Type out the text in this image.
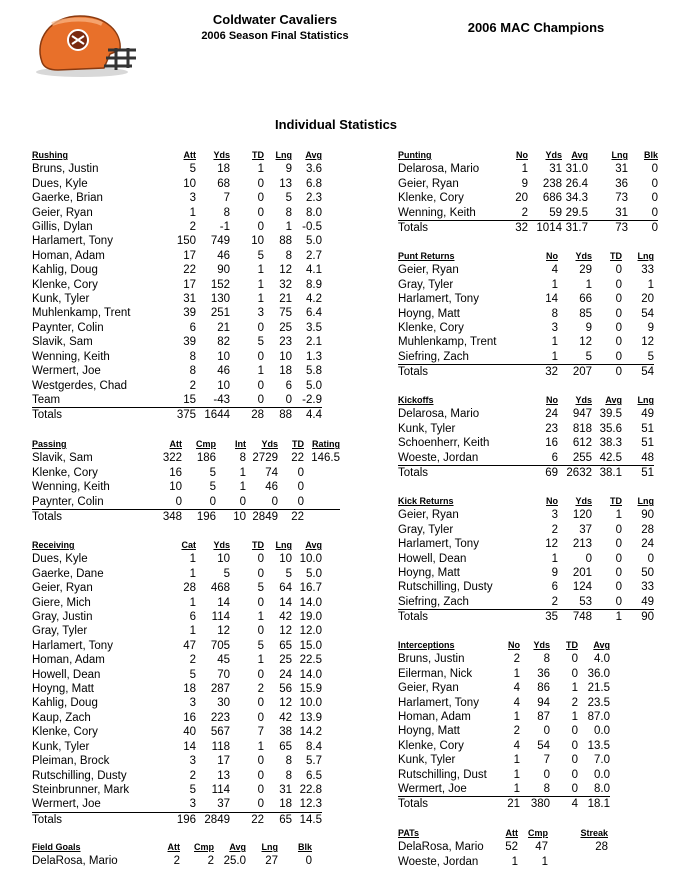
Coldwater Cavaliers
2006 Season Final Statistics
2006 MAC Champions
Individual Statistics
Rushing	Att	Yds	TD	Lng	Avg
Bruns, Justin	5	18	1	9	3.6
Dues, Kyle	10	68	0	13	6.8
Gaerke, Brian	3	7	0	5	2.3
Geier, Ryan	1	8	0	8	8.0
Gillis, Dylan	2	-1	0	1	-0.5
Harlamert, Tony	150	749	10	88	5.0
Homan, Adam	17	46	5	8	2.7
Kahlig, Doug	22	90	1	12	4.1
Klenke, Cory	17	152	1	32	8.9
Kunk, Tyler	31	130	1	21	4.2
Muhlenkamp, Trent	39	251	3	75	6.4
Paynter, Colin	6	21	0	25	3.5
Slavik, Sam	39	82	5	23	2.1
Wenning, Keith	8	10	0	10	1.3
Wermert, Joe	8	46	1	18	5.8
Westgerdes, Chad	2	10	0	6	5.0
Team	15	-43	0	0	-2.9
Totals	375	1644	28	88	4.4
Passing	Att	Cmp	Int	Yds	TD	Rating
Slavik, Sam	322	186	8	2729	22	146.5
Klenke, Cory	16	5	1	74	0	
Wenning, Keith	10	5	1	46	0	
Paynter, Colin	0	0	0	0	0	
Totals	348	196	10	2849	22	
Receiving	Cat	Yds	TD	Lng	Avg
Dues, Kyle	1	10	0	10	10.0
Gaerke, Dane	1	5	0	5	5.0
Geier, Ryan	28	468	5	64	16.7
Giere, Mich	1	14	0	14	14.0
Gray, Justin	6	114	1	42	19.0
Gray, Tyler	1	12	0	12	12.0
Harlamert, Tony	47	705	5	65	15.0
Homan, Adam	2	45	1	25	22.5
Howell, Dean	5	70	0	24	14.0
Hoyng, Matt	18	287	2	56	15.9
Kahlig, Doug	3	30	0	12	10.0
Kaup, Zach	16	223	0	42	13.9
Klenke, Cory	40	567	7	38	14.2
Kunk, Tyler	14	118	1	65	8.4
Pleiman, Brock	3	17	0	8	5.7
Rutschilling, Dusty	2	13	0	8	6.5
Steinbrunner, Mark	5	114	0	31	22.8
Wermert, Joe	3	37	0	18	12.3
Totals	196	2849	22	65	14.5
Field Goals	Att	Cmp	Avg	Lng	Blk
DelaRosa, Mario	2	2	25.0	27	0
Punting	No	Yds	Avg	Lng	Blk
Delarosa, Mario	1	31	31.0	31	0
Geier, Ryan	9	238	26.4	36	0
Klenke, Cory	20	686	34.3	73	0
Wenning, Keith	2	59	29.5	31	0
Totals	32	1014	31.7	73	0
Punt Returns	No	Yds	TD	Lng
Geier, Ryan	4	29	0	33
Gray, Tyler	1	1	0	1
Harlamert, Tony	14	66	0	20
Hoyng, Matt	8	85	0	54
Klenke, Cory	3	9	0	9
Muhlenkamp, Trent	1	12	0	12
Siefring, Zach	1	5	0	5
Totals	32	207	0	54
Kickoffs	No	Yds	Avg	Lng
Delarosa, Mario	24	947	39.5	49
Kunk, Tyler	23	818	35.6	51
Schoenherr, Keith	16	612	38.3	51
Woeste, Jordan	6	255	42.5	48
Totals	69	2632	38.1	51
Kick Returns	No	Yds	TD	Lng
Geier, Ryan	3	120	1	90
Gray, Tyler	2	37	0	28
Harlamert, Tony	12	213	0	24
Howell, Dean	1	0	0	0
Hoyng, Matt	9	201	0	50
Rutschilling, Dusty	6	124	0	33
Siefring, Zach	2	53	0	49
Totals	35	748	1	90
Interceptions	No	Yds	TD	Avg
Bruns, Justin	2	8	0	4.0
Eilerman, Nick	1	36	0	36.0
Geier, Ryan	4	86	1	21.5
Harlamert, Tony	4	94	2	23.5
Homan, Adam	1	87	1	87.0
Hoyng, Matt	2	0	0	0.0
Klenke, Cory	4	54	0	13.5
Kunk, Tyler	1	7	0	7.0
Rutschilling, Dust	1	0	0	0.0
Wermert, Joe	1	8	0	8.0
Totals	21	380	4	18.1
PATs	Att	Cmp		Streak
DelaRosa, Mario	52	47		28
Woeste, Jordan	1	1		
